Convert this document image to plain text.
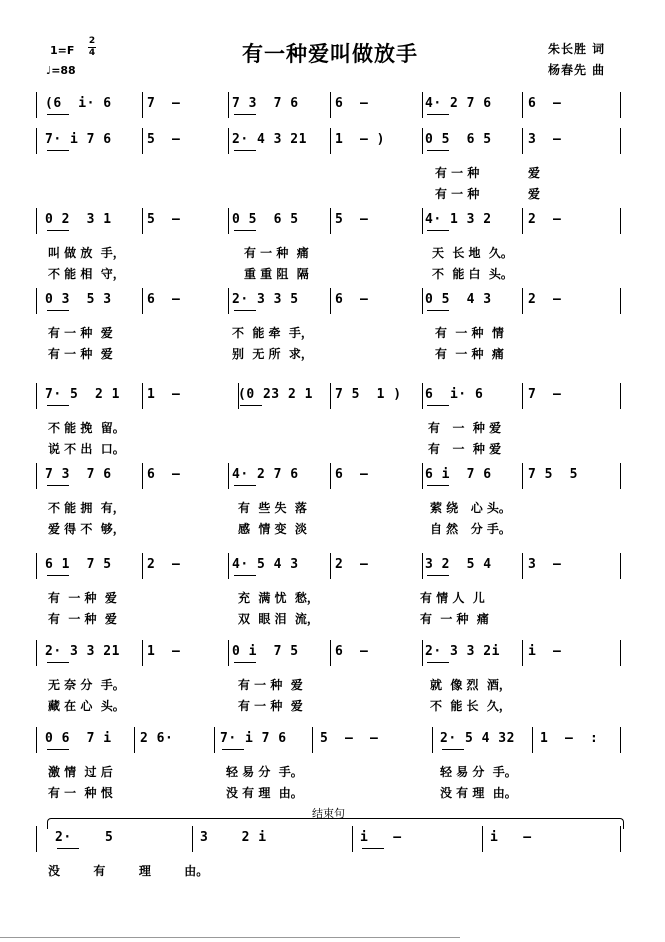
1=F
2
4
♩=88
有一种爱叫做放手	朱长胜 词
杨春先 曲
(6  i· 6	7  –	7 3  7 6	6  –	4· 2 7 6	6  –
7· i 7 6	5  –	2· 4 3 21 1  – )	0 5  6 5	3  –
有 一 种	爱
有 一 种	爱
0 2  3 1	5  –	0 5  6 5	5  –	4· 1 3 2	2  –
叫 做 放  手，	有 一 种  痛	天  长 地  久。
不 能 相  守，	重 重 阻  隔	不  能 白  头。
0 3  5 3	6  –	2· 3 3 5	6  –	0 5  4 3	2  –
有 一 种  爱	不  能 牵  手，	有  一 种  情
有 一 种  爱	别  无 所  求，	有  一 种  痛
7· 5  2 1 1  –	(0 23 2 1 7 5  1 ) 6  i· 6	7  –
不 能 挽  留。	有   一  种 爱
说 不 出  口。	有   一  种 爱
7 3  7 6	6  –	4· 2 7 6	6  –	6 i  7 6	7 5  5
不 能 拥  有，	有  些 失  落	萦 绕   心 头。
爱 得 不  够，	感  情 变  淡	自 然   分 手。
6 1  7 5	2  –	4· 5 4 3	2  –	3 2  5 4	3  –
有  一 种  爱	充  满 忧  愁，	有 情 人  儿
有  一 种  爱	双  眼 泪  流，	有  一 种  痛
2· 3 3 21 1  –	0 i  7 5	6  –	2· 3 3 2i i  –
无 奈 分  手。	有 一 种  爱	就  像 烈  酒，
藏 在 心  头。	有 一 种  爱	不  能 长  久，
0 6  7 i 2 6·	7· i 7 6	5  –  –	2· 5 4 32 1  –  :
激 情  过 后	轻 易 分  手。	轻 易 分  手。
有 一  种 恨	没 有 理  由。	没 有 理  由。
2·    5	3    2 i	i   –	i   –
没        有        理        由。
结束句
